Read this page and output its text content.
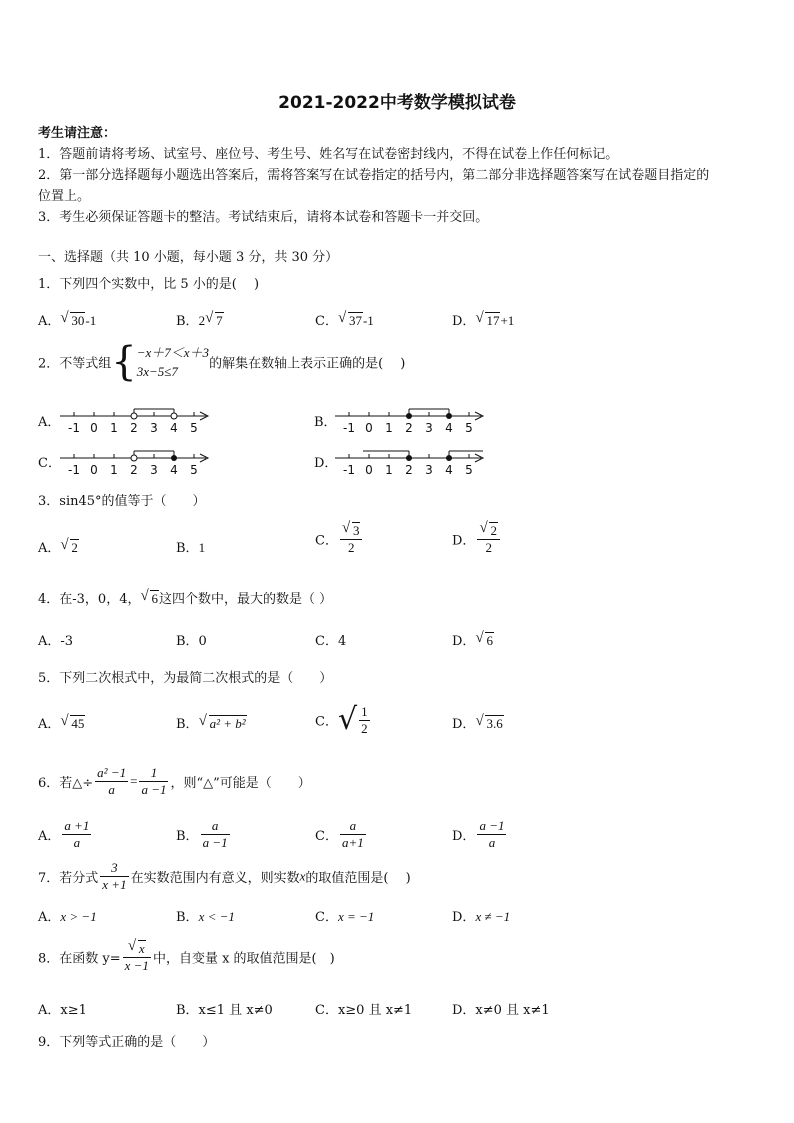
2021-2022中考数学模拟试卷
考生请注意：
1．答题前请将考场、试室号、座位号、考生号、姓名写在试卷密封线内，不得在试卷上作任何标记。
2．第一部分选择题每小题选出答案后，需将答案写在试卷指定的括号内，第二部分非选择题答案写在试卷题目指定的
位置上。
3．考生必须保证答题卡的整洁。考试结束后，请将本试卷和答题卡一并交回。
一、选择题（共 10 小题，每小题 3 分，共 30 分）
1．下列四个实数中，比 5 小的是(　 )
A． √ 30-1	B．2 √ 7	C． √ 37-1	D． √ 17+1
2．不等式组{ −x＋7＜x＋3
3x−5≤7	的解集在数轴上表示正确的是(　 )
A．	B．
C．	D．
-1 0 1 2 3 4 5	-1 0 1 2 3 4 5
-1 0 1 2 3 4 5	-1 0 1 2 3 4 5
3．sin45°的值等于（　　）
A． √ 2	B．1	C． $\frac{√ 3}{2}$	D． $\frac{√ 2}{2}$
4．在-3，0，4， √ 6这四个数中，最大的数是（ ）
A．-3	B．0	C．4	D． √ 6
5．下列二次根式中，为最简二次根式的是（　　）
A． √ 45	B． √ a² + b²	C．√ $\frac{1}{2}$	D． √ 3.6
6．若△÷ $\frac{\text{a² −1}}{a} = \frac{1}{a -1}$ ，则“△”可能是（　　）
A． $\frac{a +1}{a}$	B． $\frac{a}{a -1}$	C． $\frac{a}{a+1}$	D． $\frac{a -1}{a}$
7．若分式 $\frac{3}{x +1}$ 在实数范围内有意义，则实数x的取值范围是(　 )
A．x > −1	B．x < −1	C．x = −1	D．x ≠ −1
8．在函数 $y= \frac{√ x}{x -1}$ 中，自变量 x 的取值范围是(　)
A．x≥1	B．x≤1 且 x≠0	C．x≥0 且 x≠1	D．x≠0 且 x≠1
9．下列等式正确的是（　　）
